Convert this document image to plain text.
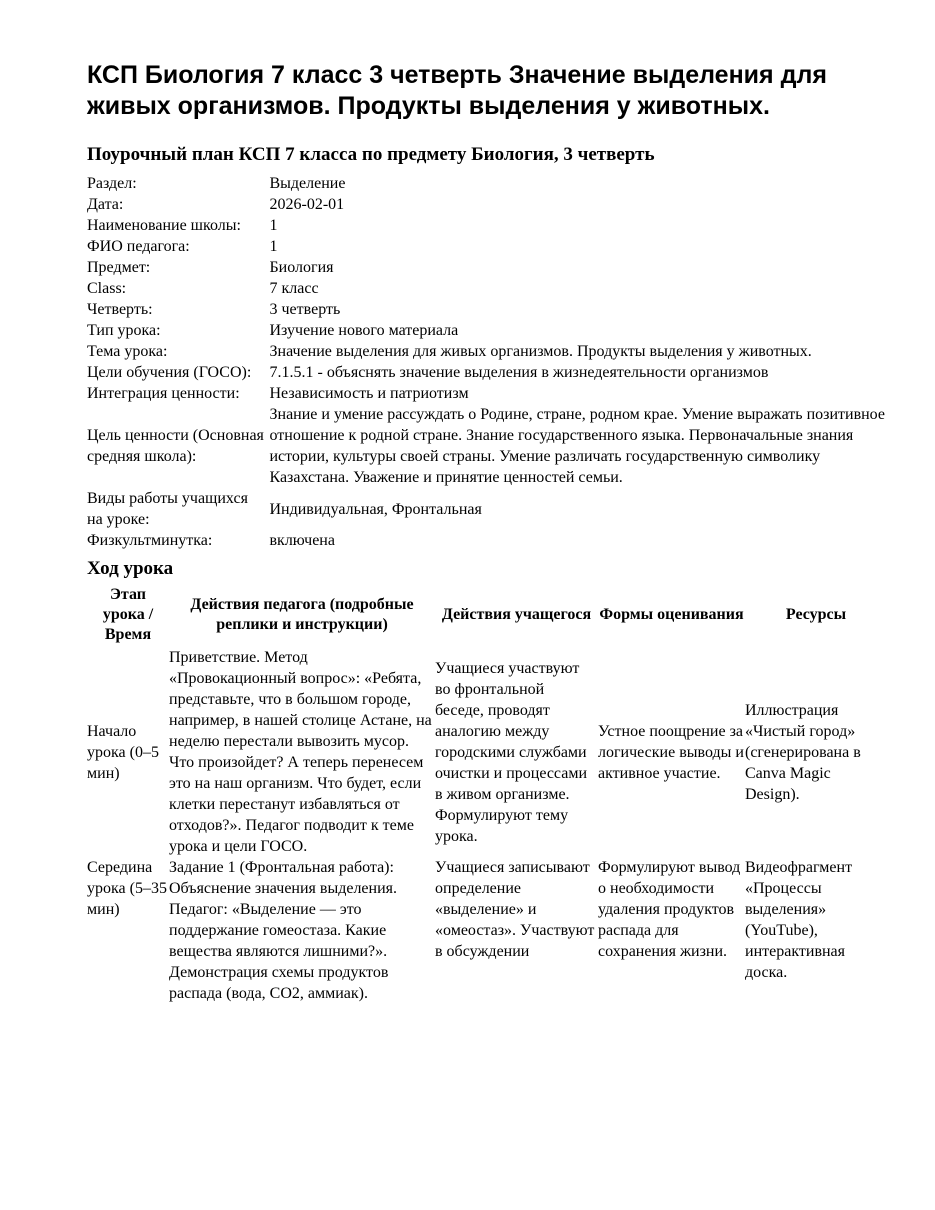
КСП Биология 7 класс 3 четверть Значение выделения для живых организмов. Продукты выделения у животных.
Поурочный план КСП 7 класса по предмету Биология, 3 четверть
Раздел:	Выделение
Дата:	2026-02-01
Наименование школы:	1
ФИО педагога:	1
Предмет:	Биология
Class:	7 класс
Четверть:	3 четверть
Тип урока:	Изучение нового материала
Тема урока:	Значение выделения для живых организмов. Продукты выделения у животных.
Цели обучения (ГОСО):	7.1.5.1 - объяснять значение выделения в жизнедеятельности организмов
Интеграция ценности:	Независимость и патриотизм
Цель ценности (Основная средняя школа):	Знание и умение рассуждать о Родине, стране, родном крае. Умение выражать позитивное отношение к родной стране. Знание государственного языка. Первоначальные знания истории, культуры своей страны. Умение различать государственную символику Казахстана. Уважение и принятие ценностей семьи.
Виды работы учащихся на уроке:	Индивидуальная, Фронтальная
Физкультминутка:	включена
Ход урока
Этап урока / Время	Действия педагога (подробные реплики и инструкции)	Действия учащегося	Формы оценивания	Ресурсы
Начало урока (0–5 мин)	Приветствие. Метод «Провокационный вопрос»: «Ребята, представьте, что в большом городе, например, в нашей столице Астане, на неделю перестали вывозить мусор. Что произойдет? А теперь перенесем это на наш организм. Что будет, если клетки перестанут избавляться от отходов?». Педагог подводит к теме урока и цели ГОСО.	Учащиеся участвуют во фронтальной беседе, проводят аналогию между городскими службами очистки и процессами в живом организме. Формулируют тему урока.	Устное поощрение за логические выводы и активное участие.	Иллюстрация «Чистый город» (сгенерирована в Canva Magic Design).
Середина урока (5–35 мин)	Задание 1 (Фронтальная работа): Объяснение значения выделения. Педагог: «Выделение — это поддержание гомеостаза. Какие вещества являются лишними?». Демонстрация схемы продуктов распада (вода, CO2, аммиак).	Учащиеся записывают определение «выделение» и «омеостаз». Участвуют в обсуждении	Формулируют вывод о необходимости удаления продуктов распада для сохранения жизни.	Видеофрагмент «Процессы выделения» (YouTube), интерактивная доска.
